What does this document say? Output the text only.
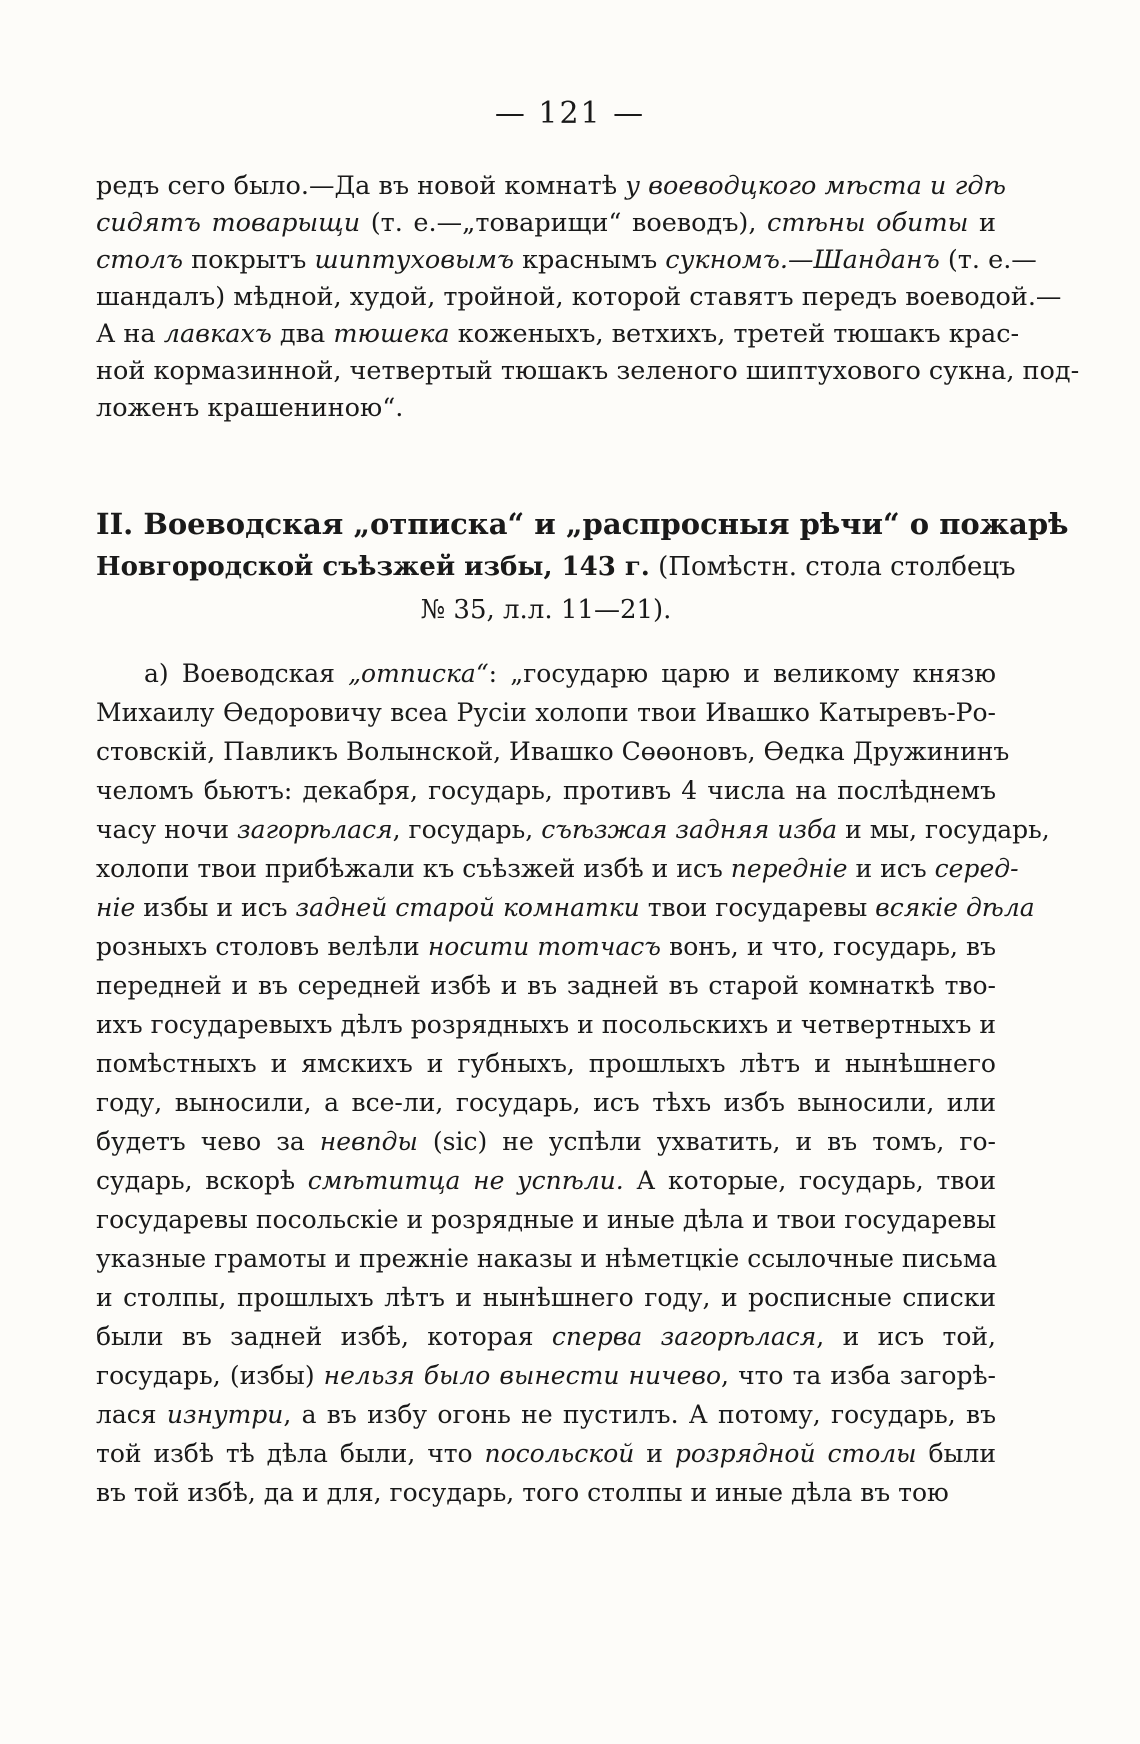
— 121 —
редъ сего было.—Да въ новой комнатѣ у воеводцкого мѣста и гдѣ
сидятъ товарыщи (т. е.—„товарищи“ воеводъ), стѣны обиты и
столъ покрытъ шиптуховымъ краснымъ сукномъ.—Шанданъ (т. е.—
шандалъ) мѣдной, худой, тройной, которой ставятъ передъ воеводой.—
А на лавкахъ два тюшека коженыхъ, ветхихъ, третей тюшакъ крас-
ной кормазинной, четвертый тюшакъ зеленого шиптухового сукна, под-
ложенъ крашениною“.
II. Воеводская „отписка“ и „распросныя рѣчи“ о пожарѣ
Новгородской съѣзжей избы, 143 г. (Помѣстн. стола столбецъ
№ 35, л.л. 11—21).
а) Воеводская „отписка“: „государю царю и великому князю
Михаилу Өедоровичу всеа Русіи холопи твои Ивашко Катыревъ-Ро-
стовскій, Павликъ Волынской, Ивашко Сөөоновъ, Өедка Дружининъ
челомъ бьютъ: декабря, государь, противъ 4 числа на послѣднемъ
часу ночи загорѣлася, государь, съѣзжая задняя изба и мы, государь,
холопи твои прибѣжали къ съѣзжей избѣ и исъ передніе и исъ серед-
ніе избы и исъ задней старой комнатки твои государевы всякіе дѣла
розныхъ столовъ велѣли носити тотчасъ вонъ, и что, государь, въ
передней и въ середней избѣ и въ задней въ старой комнаткѣ тво-
ихъ государевыхъ дѣлъ розрядныхъ и посольскихъ и четвертныхъ и
помѣстныхъ и ямскихъ и губныхъ, прошлыхъ лѣтъ и нынѣшнего
году, выносили, а все-ли, государь, исъ тѣхъ избъ выносили, или
будетъ чево за невпды (sic) не успѣли ухватить, и въ томъ, го-
сударь, вскорѣ смѣтитца не успѣли. А которые, государь, твои
государевы посольскіе и розрядные и иные дѣла и твои государевы
указные грамоты и прежніе наказы и нѣметцкіе ссылочные письма
и столпы, прошлыхъ лѣтъ и нынѣшнего году, и росписные списки
были въ задней избѣ, которая сперва загорѣлася, и исъ той,
государь, (избы) нельзя было вынести ничево, что та изба загорѣ-
лася изнутри, а въ избу огонь не пустилъ. А потому, государь, въ
той избѣ тѣ дѣла были, что посольской и розрядной столы были
въ той избѣ, да и для, государь, того столпы и иные дѣла въ тою
